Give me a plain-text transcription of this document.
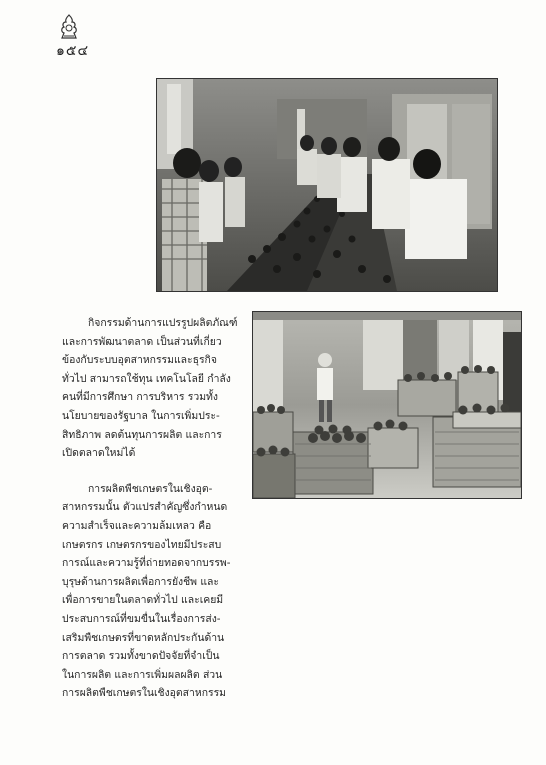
๑๕๔
กิจกรรมด้านการแปรรูปผลิตภัณฑ์
และการพัฒนาตลาด เป็นส่วนที่เกี่ยว
ข้องกับระบบอุตสาหกรรมและธุรกิจ
ทั่วไป สามารถใช้ทุน เทคโนโลยี กำลัง
คนที่มีการศึกษา การบริหาร รวมทั้ง
นโยบายของรัฐบาล ในการเพิ่มประ-
สิทธิภาพ ลดต้นทุนการผลิต และการ
เปิดตลาดใหม่ได้
การผลิตพืชเกษตรในเชิงอุต-
สาหกรรมนั้น ตัวแปรสำคัญซึ่งกำหนด
ความสำเร็จและความล้มเหลว คือ
เกษตรกร เกษตรกรของไทยมีประสบ
การณ์และความรู้ที่ถ่ายทอดจากบรรพ-
บุรุษด้านการผลิตเพื่อการยังชีพ และ
เพื่อการขายในตลาดทั่วไป และเคยมี
ประสบการณ์ที่ขมขื่นในเรื่องการส่ง-
เสริมพืชเกษตรที่ขาดหลักประกันด้าน
การตลาด รวมทั้งขาดปัจจัยที่จำเป็น
ในการผลิต และการเพิ่มผลผลิต ส่วน
การผลิตพืชเกษตรในเชิงอุตสาหกรรม
